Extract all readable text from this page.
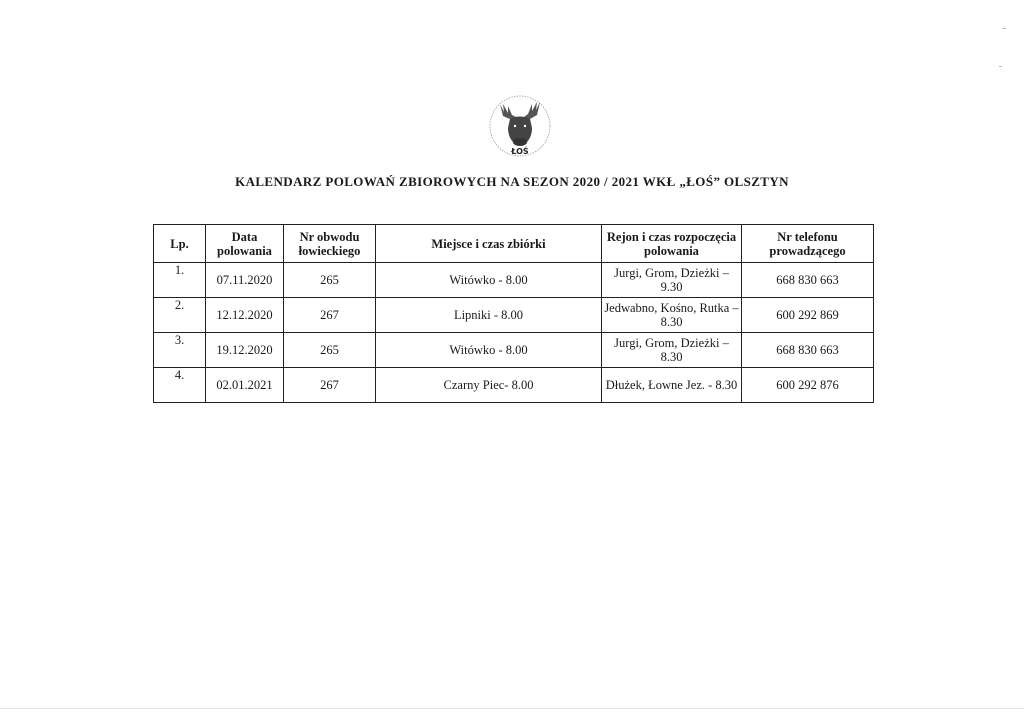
ŁOŚ
KALENDARZ POLOWAŃ ZBIOROWYCH NA SEZON 2020 / 2021 WKŁ „ŁOŚ” OLSZTYN
Lp.	Data polowania	Nr obwodu łowieckiego	Miejsce i czas zbiórki	Rejon i czas rozpoczęcia polowania	Nr telefonu prowadzącego
1.	07.11.2020	265	Witówko - 8.00	Jurgi, Grom, Dzieżki – 9.30	668 830 663
2.	12.12.2020	267	Lipniki - 8.00	Jedwabno, Kośno, Rutka – 8.30	600 292 869
3.	19.12.2020	265	Witówko - 8.00	Jurgi, Grom, Dzieżki – 8.30	668 830 663
4.	02.01.2021	267	Czarny Piec- 8.00	Dłużek, Łowne Jez. - 8.30	600 292 876
